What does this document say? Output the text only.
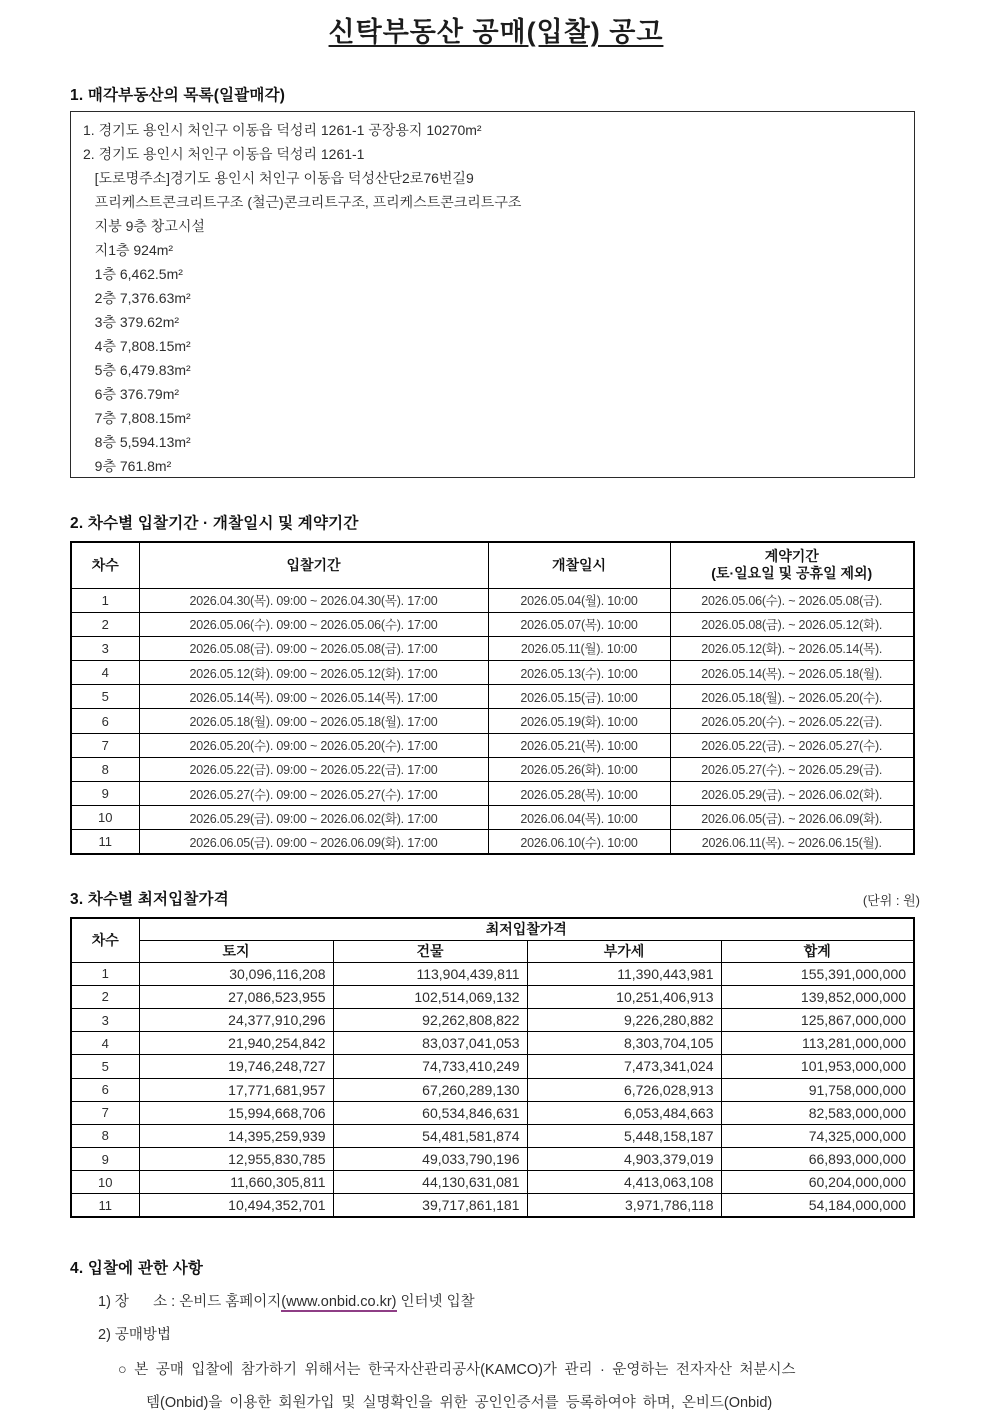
신탁부동산 공매(입찰) 공고
1. 매각부동산의 목록(일괄매각)
1. 경기도 용인시 처인구 이동읍 덕성리 1261-1 공장용지 10270m²
2. 경기도 용인시 처인구 이동읍 덕성리 1261-1
[도로명주소]경기도 용인시 처인구 이동읍 덕성산단2로76번길9
프리케스트콘크리트구조 (철근)콘크리트구조, 프리케스트콘크리트구조
지붕 9층 창고시설
지1층 924m²
1층 6,462.5m²
2층 7,376.63m²
3층 379.62m²
4층 7,808.15m²
5층 6,479.83m²
6층 376.79m²
7층 7,808.15m²
8층 5,594.13m²
9층 761.8m²
2. 차수별 입찰기간 · 개찰일시 및 계약기간
차수	입찰기간	개찰일시	계약기간
(토·일요일 및 공휴일 제외)

1	2026.04.30(목). 09:00 ~ 2026.04.30(목). 17:00	2026.05.04(월). 10:00	2026.05.06(수). ~ 2026.05.08(금).
2	2026.05.06(수). 09:00 ~ 2026.05.06(수). 17:00	2026.05.07(목). 10:00	2026.05.08(금). ~ 2026.05.12(화).
3	2026.05.08(금). 09:00 ~ 2026.05.08(금). 17:00	2026.05.11(월). 10:00	2026.05.12(화). ~ 2026.05.14(목).
4	2026.05.12(화). 09:00 ~ 2026.05.12(화). 17:00	2026.05.13(수). 10:00	2026.05.14(목). ~ 2026.05.18(월).
5	2026.05.14(목). 09:00 ~ 2026.05.14(목). 17:00	2026.05.15(금). 10:00	2026.05.18(월). ~ 2026.05.20(수).
6	2026.05.18(월). 09:00 ~ 2026.05.18(월). 17:00	2026.05.19(화). 10:00	2026.05.20(수). ~ 2026.05.22(금).
7	2026.05.20(수). 09:00 ~ 2026.05.20(수). 17:00	2026.05.21(목). 10:00	2026.05.22(금). ~ 2026.05.27(수).
8	2026.05.22(금). 09:00 ~ 2026.05.22(금). 17:00	2026.05.26(화). 10:00	2026.05.27(수). ~ 2026.05.29(금).
9	2026.05.27(수). 09:00 ~ 2026.05.27(수). 17:00	2026.05.28(목). 10:00	2026.05.29(금). ~ 2026.06.02(화).
10	2026.05.29(금). 09:00 ~ 2026.06.02(화). 17:00	2026.06.04(목). 10:00	2026.06.05(금). ~ 2026.06.09(화).
11	2026.06.05(금). 09:00 ~ 2026.06.09(화). 17:00	2026.06.10(수). 10:00	2026.06.11(목). ~ 2026.06.15(월).
3. 차수별 최저입찰가격	(단위 : 원)
차수	최저입찰가격			
	토지	건물	부가세	합계
1	30,096,116,208	113,904,439,811	11,390,443,981	155,391,000,000
2	27,086,523,955	102,514,069,132	10,251,406,913	139,852,000,000
3	24,377,910,296	92,262,808,822	9,226,280,882	125,867,000,000
4	21,940,254,842	83,037,041,053	8,303,704,105	113,281,000,000
5	19,746,248,727	74,733,410,249	7,473,341,024	101,953,000,000
6	17,771,681,957	67,260,289,130	6,726,028,913	91,758,000,000
7	15,994,668,706	60,534,846,631	6,053,484,663	82,583,000,000
8	14,395,259,939	54,481,581,874	5,448,158,187	74,325,000,000
9	12,955,830,785	49,033,790,196	4,903,379,019	66,893,000,000
10	11,660,305,811	44,130,631,081	4,413,063,108	60,204,000,000
11	10,494,352,701	39,717,861,181	3,971,786,118	54,184,000,000
4. 입찰에 관한 사항
1) 장      소 : 온비드 홈페이지(www.onbid.co.kr) 인터넷 입찰
2) 공매방법
○ 본 공매 입찰에 참가하기 위해서는 한국자산관리공사(KAMCO)가 관리 · 운영하는 전자자산 처분시스
템(Onbid)을 이용한 회원가입 및 실명확인을 위한 공인인증서를 등록하여야 하며, 온비드(Onbid)
